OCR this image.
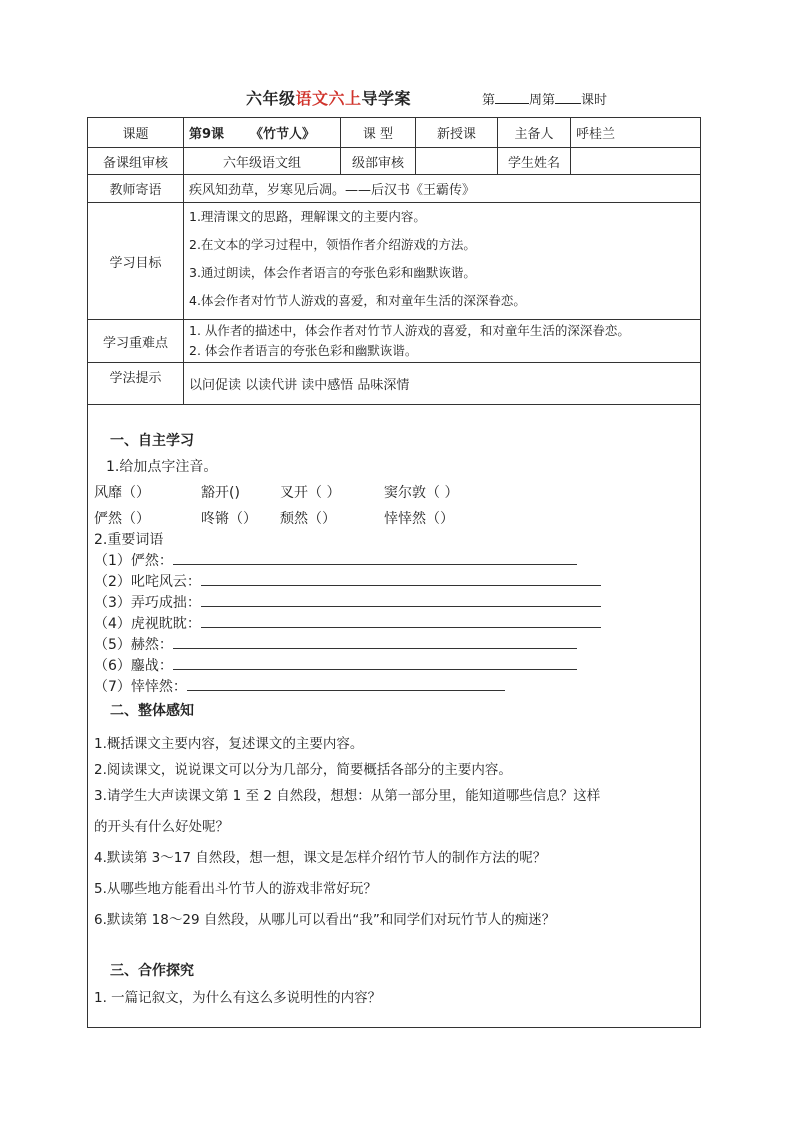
六年级语文六上导学案	第	周第 课时
课题	第9课 《竹节人》	课 型	新授课	主备人	呼桂兰
备课组审核	六年级语文组	级部审核		学生姓名	
教师寄语	疾风知劲草，岁寒见后凋。——后汉书《王霸传》				
学习目标	1.理清课文的思路，理解课文的主要内容。
2.在文本的学习过程中，领悟作者介绍游戏的方法。
3.通过朗读，体会作者语言的夸张色彩和幽默诙谐。
4.体会作者对竹节人游戏的喜爱，和对童年生活的深深眷恋。				

学习重难点	1. 从作者的描述中，体会作者对竹节人游戏的喜爱，和对童年生活的深深眷恋。
2. 体会作者语言的夸张色彩和幽默诙谐。				

学法提示	以问促读 以读代讲 读中感悟 品味深情				
一、自主学习
1.给加点字注音。
风靡（）	豁开()	叉开（ ）	窦尔敦（ ）
俨然（）	咚锵（） 颓然（）	悻悻然（）
2.重要词语
（1）俨然：
（2）叱咤风云：
（3）弄巧成拙：
（4）虎视眈眈：
（5）赫然：
（6）鏖战：
（7）悻悻然：
二、整体感知
1.概括课文主要内容，复述课文的主要内容。
2.阅读课文，说说课文可以分为几部分，简要概括各部分的主要内容。
3.请学生大声读课文第 1 至 2 自然段，想想：从第一部分里，能知道哪些信息？这样
的开头有什么好处呢？
4.默读第 3～17 自然段，想一想，课文是怎样介绍竹节人的制作方法的呢？
5.从哪些地方能看出斗竹节人的游戏非常好玩？
6.默读第 18～29 自然段，从哪儿可以看出“我”和同学们对玩竹节人的痴迷？
三、合作探究
1. 一篇记叙文，为什么有这么多说明性的内容？
